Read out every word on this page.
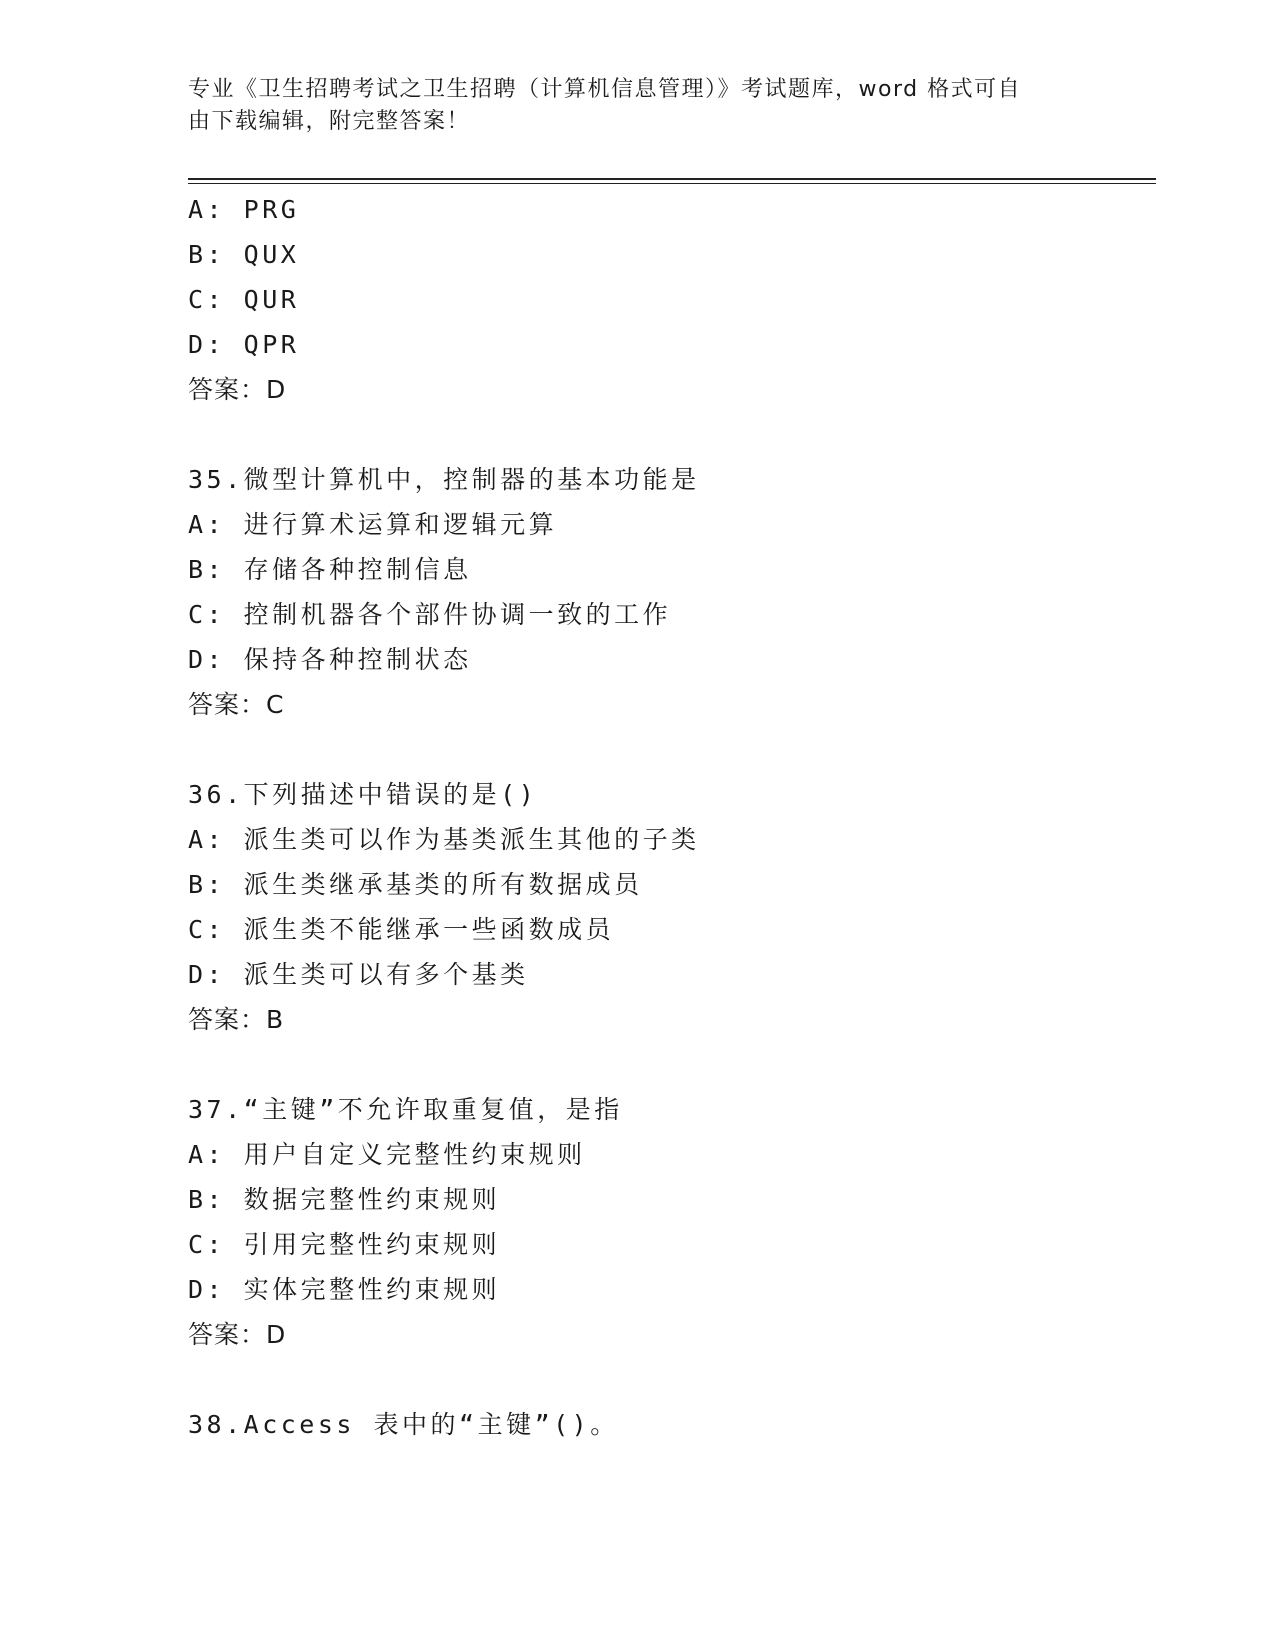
专业《卫生招聘考试之卫生招聘（计算机信息管理）》考试题库，word 格式可自
由下载编辑，附完整答案！
A: PRG
B: QUX
C: QUR
D: QPR
答案：D
35.微型计算机中，控制器的基本功能是
A: 进行算术运算和逻辑元算
B: 存储各种控制信息
C: 控制机器各个部件协调一致的工作
D: 保持各种控制状态
答案：C
36.下列描述中错误的是()
A: 派生类可以作为基类派生其他的子类
B: 派生类继承基类的所有数据成员
C: 派生类不能继承一些函数成员
D: 派生类可以有多个基类
答案：B
37.“主键”不允许取重复值，是指
A: 用户自定义完整性约束规则
B: 数据完整性约束规则
C: 引用完整性约束规则
D: 实体完整性约束规则
答案：D
38.Access 表中的“主键”()。
